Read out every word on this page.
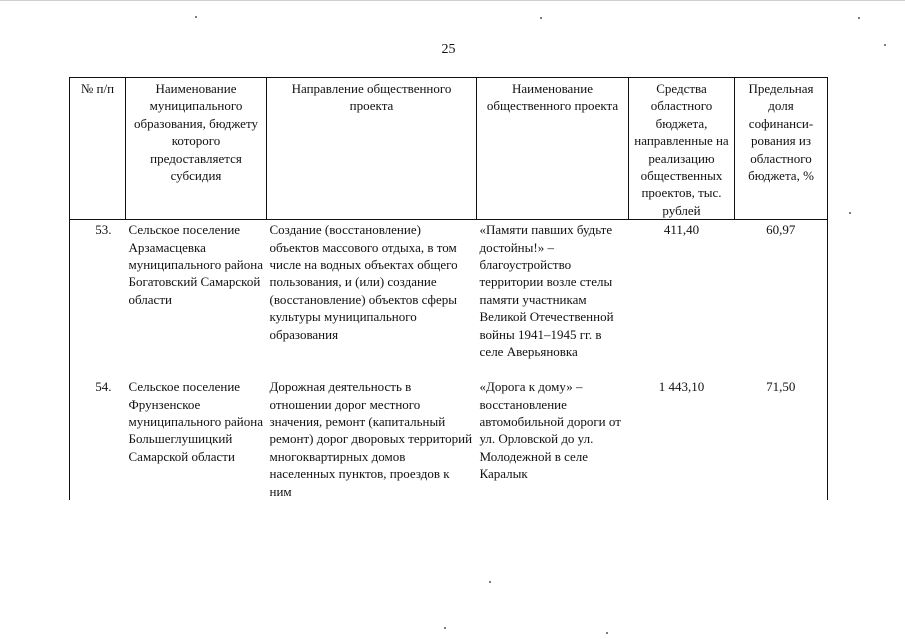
25
№ п/п	Наименование муниципального образования, бюджету которого предоставляется субсидия	Направление общественного проекта	Наименование общественного проекта	Средства областного бюджета, направленные на реализацию общественных проектов, тыс. рублей	Предельная доля софинанси-рования из областного бюджета, %
53.	Сельское поселение Арзамасцевка муниципального района Богатовский Самарской области	Создание (восстановление) объектов массового отдыха, в том числе на водных объектах общего пользования, и (или) создание (восстановление) объектов сферы культуры муниципального образования	«Памяти павших будьте достойны!» – благоустройство территории возле стелы памяти участникам Великой Отечественной войны 1941–1945 гг. в селе Аверьяновка	411,40	60,97
54.	Сельское поселение Фрунзенское муниципального района Большеглушицкий Самарской области	Дорожная деятельность в отношении дорог местного значения, ремонт (капитальный ремонт) дорог дворовых территорий многоквартирных домов населенных пунктов, проездов к ним	«Дорога к дому» – восстановление автомобильной дороги от ул. Орловской до ул. Молодежной в селе Каралык	1 443,10	71,50
